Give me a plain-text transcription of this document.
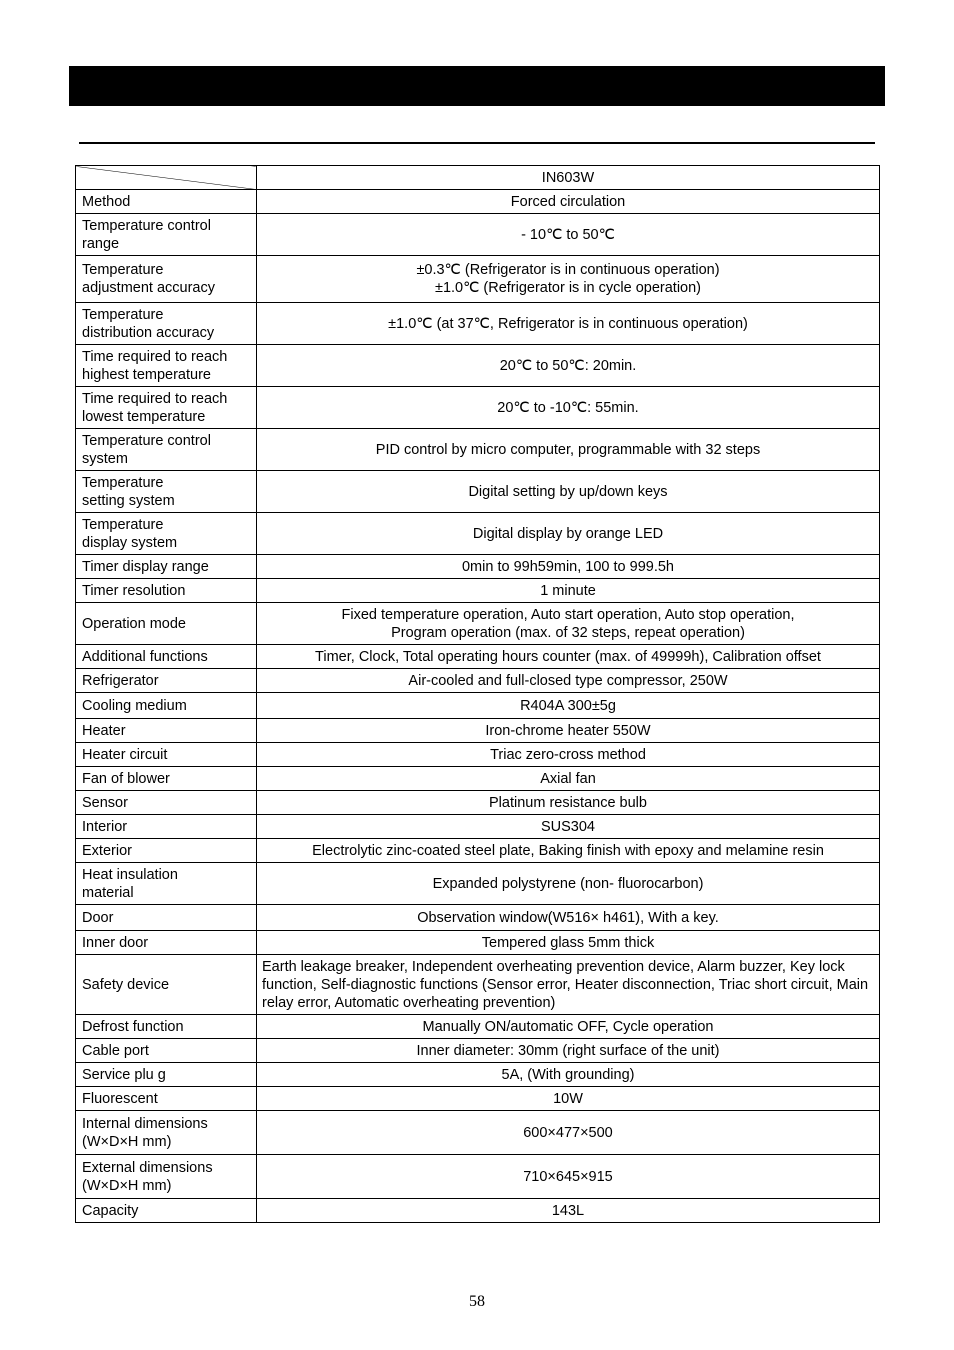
	IN603W

Method	Forced circulation

Temperature control
range	- 10℃ to 50℃

Temperature
adjustment accuracy	±0.3℃ (Refrigerator is in continuous operation)
±1.0℃ (Refrigerator is in cycle operation)

Temperature
distribution accuracy	±1.0℃ (at 37℃, Refrigerator is in continuous operation)

Time required to reach
highest temperature	20℃ to 50℃: 20min.

Time required to reach
lowest temperature	20℃ to -10℃: 55min.

Temperature control
system	PID control by micro computer, programmable with 32 steps

Temperature
setting system	Digital setting by up/down keys

Temperature
display system	Digital display by orange LED

Timer display range	0min to 99h59min, 100 to 999.5h

Timer resolution	1 minute

Operation mode	Fixed temperature operation, Auto start operation, Auto stop operation,
Program operation (max. of 32 steps, repeat operation)

Additional functions	Timer, Clock, Total operating hours counter (max. of 49999h), Calibration offset

Refrigerator	Air-cooled and full-closed type compressor, 250W

Cooling medium	R404A 300±5g

Heater	Iron-chrome heater 550W

Heater circuit	Triac zero-cross method

Fan of blower	Axial fan

Sensor	Platinum resistance bulb

Interior	SUS304

Exterior	Electrolytic zinc-coated steel plate, Baking finish with epoxy and melamine resin

Heat insulation
material	Expanded polystyrene (non- fluorocarbon)

Door	Observation window(W516× h461), With a key.

Inner door	Tempered glass 5mm thick

Safety device	Earth leakage breaker, Independent overheating prevention device, Alarm buzzer, Key lock function, Self-diagnostic functions (Sensor error, Heater disconnection, Triac short circuit, Main relay error, Automatic overheating prevention)

Defrost function	Manually ON/automatic OFF, Cycle operation

Cable port	Inner diameter: 30mm (right surface of the unit)

Service plu g	5A, (With grounding)

Fluorescent	10W

Internal dimensions
(W×D×H mm)	600×477×500

External dimensions
(W×D×H mm)	710×645×915

Capacity	143L
58
